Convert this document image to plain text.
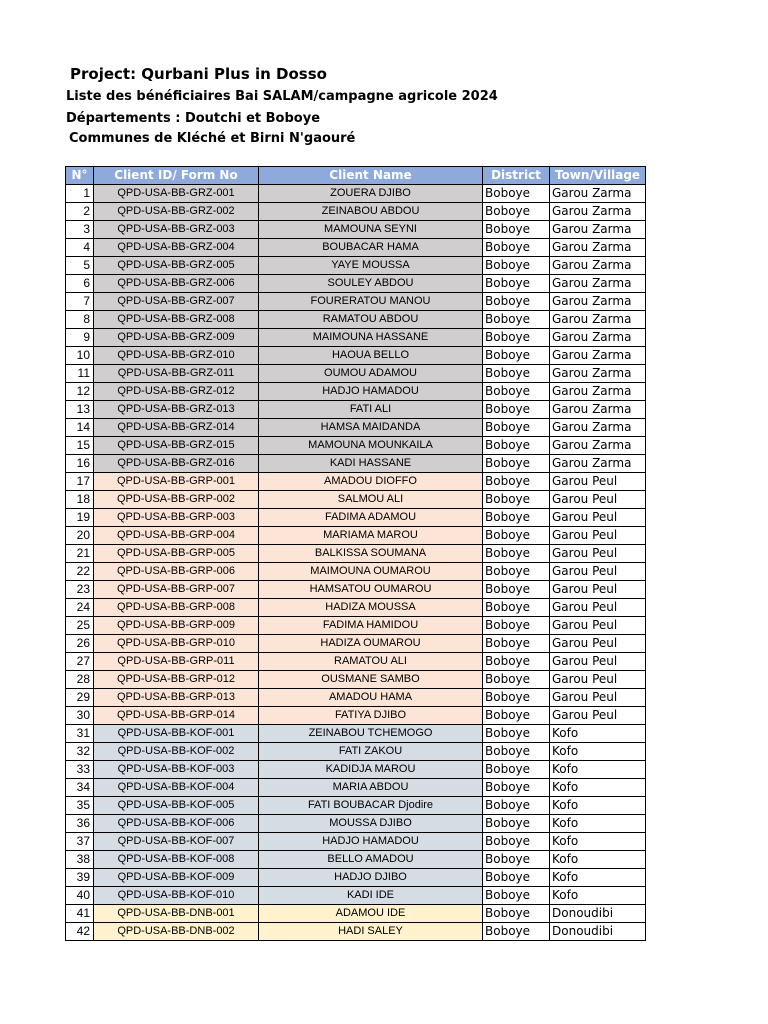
Project: Qurbani Plus in Dosso
Liste des bénéficiaires Bai SALAM/campagne agricole 2024
Départements : Doutchi et Boboye
Communes de Kléché et Birni N'gaouré
N°	Client ID/ Form No	Client Name	District	Town/Village
1	QPD-USA-BB-GRZ-001	ZOUERA DJIBO	Boboye	Garou Zarma
2	QPD-USA-BB-GRZ-002	ZEINABOU ABDOU	Boboye	Garou Zarma
3	QPD-USA-BB-GRZ-003	MAMOUNA SEYNI	Boboye	Garou Zarma
4	QPD-USA-BB-GRZ-004	BOUBACAR HAMA	Boboye	Garou Zarma
5	QPD-USA-BB-GRZ-005	YAYE MOUSSA	Boboye	Garou Zarma
6	QPD-USA-BB-GRZ-006	SOULEY ABDOU	Boboye	Garou Zarma
7	QPD-USA-BB-GRZ-007	FOURERATOU MANOU	Boboye	Garou Zarma
8	QPD-USA-BB-GRZ-008	RAMATOU ABDOU	Boboye	Garou Zarma
9	QPD-USA-BB-GRZ-009	MAIMOUNA HASSANE	Boboye	Garou Zarma
10	QPD-USA-BB-GRZ-010	HAOUA BELLO	Boboye	Garou Zarma
11	QPD-USA-BB-GRZ-011	OUMOU ADAMOU	Boboye	Garou Zarma
12	QPD-USA-BB-GRZ-012	HADJO HAMADOU	Boboye	Garou Zarma
13	QPD-USA-BB-GRZ-013	FATI ALI	Boboye	Garou Zarma
14	QPD-USA-BB-GRZ-014	HAMSA MAIDANDA	Boboye	Garou Zarma
15	QPD-USA-BB-GRZ-015	MAMOUNA MOUNKAILA	Boboye	Garou Zarma
16	QPD-USA-BB-GRZ-016	KADI HASSANE	Boboye	Garou Zarma
17	QPD-USA-BB-GRP-001	AMADOU DIOFFO	Boboye	Garou Peul
18	QPD-USA-BB-GRP-002	SALMOU ALI	Boboye	Garou Peul
19	QPD-USA-BB-GRP-003	FADIMA ADAMOU	Boboye	Garou Peul
20	QPD-USA-BB-GRP-004	MARIAMA MAROU	Boboye	Garou Peul
21	QPD-USA-BB-GRP-005	BALKISSA SOUMANA	Boboye	Garou Peul
22	QPD-USA-BB-GRP-006	MAIMOUNA OUMAROU	Boboye	Garou Peul
23	QPD-USA-BB-GRP-007	HAMSATOU OUMAROU	Boboye	Garou Peul
24	QPD-USA-BB-GRP-008	HADIZA MOUSSA	Boboye	Garou Peul
25	QPD-USA-BB-GRP-009	FADIMA HAMIDOU	Boboye	Garou Peul
26	QPD-USA-BB-GRP-010	HADIZA OUMAROU	Boboye	Garou Peul
27	QPD-USA-BB-GRP-011	RAMATOU ALI	Boboye	Garou Peul
28	QPD-USA-BB-GRP-012	OUSMANE SAMBO	Boboye	Garou Peul
29	QPD-USA-BB-GRP-013	AMADOU HAMA	Boboye	Garou Peul
30	QPD-USA-BB-GRP-014	FATIYA DJIBO	Boboye	Garou Peul
31	QPD-USA-BB-KOF-001	ZEINABOU TCHEMOGO	Boboye	Kofo
32	QPD-USA-BB-KOF-002	FATI ZAKOU	Boboye	Kofo
33	QPD-USA-BB-KOF-003	KADIDJA MAROU	Boboye	Kofo
34	QPD-USA-BB-KOF-004	MARIA ABDOU	Boboye	Kofo
35	QPD-USA-BB-KOF-005	FATI BOUBACAR Djodire	Boboye	Kofo
36	QPD-USA-BB-KOF-006	MOUSSA DJIBO	Boboye	Kofo
37	QPD-USA-BB-KOF-007	HADJO HAMADOU	Boboye	Kofo
38	QPD-USA-BB-KOF-008	BELLO AMADOU	Boboye	Kofo
39	QPD-USA-BB-KOF-009	HADJO DJIBO	Boboye	Kofo
40	QPD-USA-BB-KOF-010	KADI IDE	Boboye	Kofo
41	QPD-USA-BB-DNB-001	ADAMOU IDE	Boboye	Donoudibi
42	QPD-USA-BB-DNB-002	HADI SALEY	Boboye	Donoudibi
